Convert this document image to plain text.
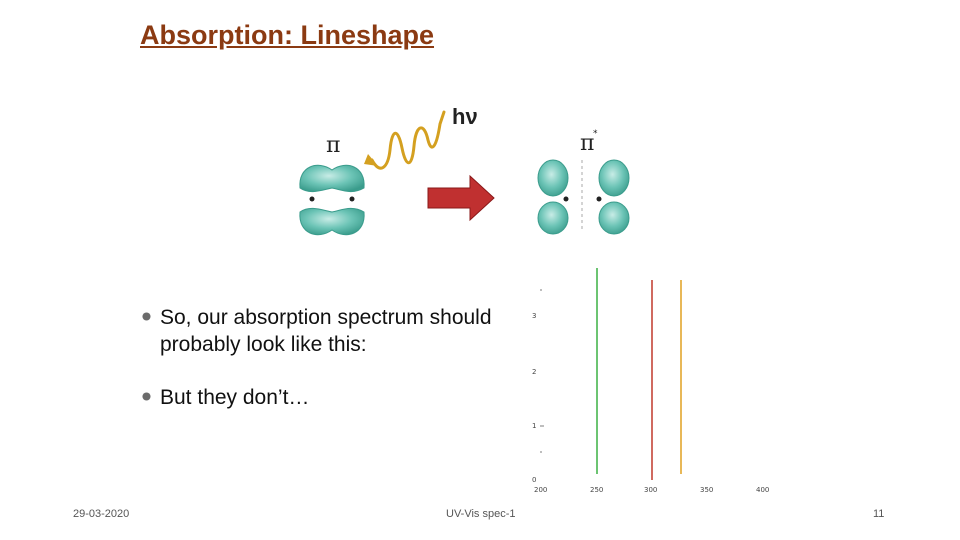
Absorption: Lineshape
π
hν
π
*
So, our absorption spectrum should probably look like this:
But they don’t…
3
2
1
0
200	250	300	350	400
29-03-2020	UV-Vis spec-1	11
